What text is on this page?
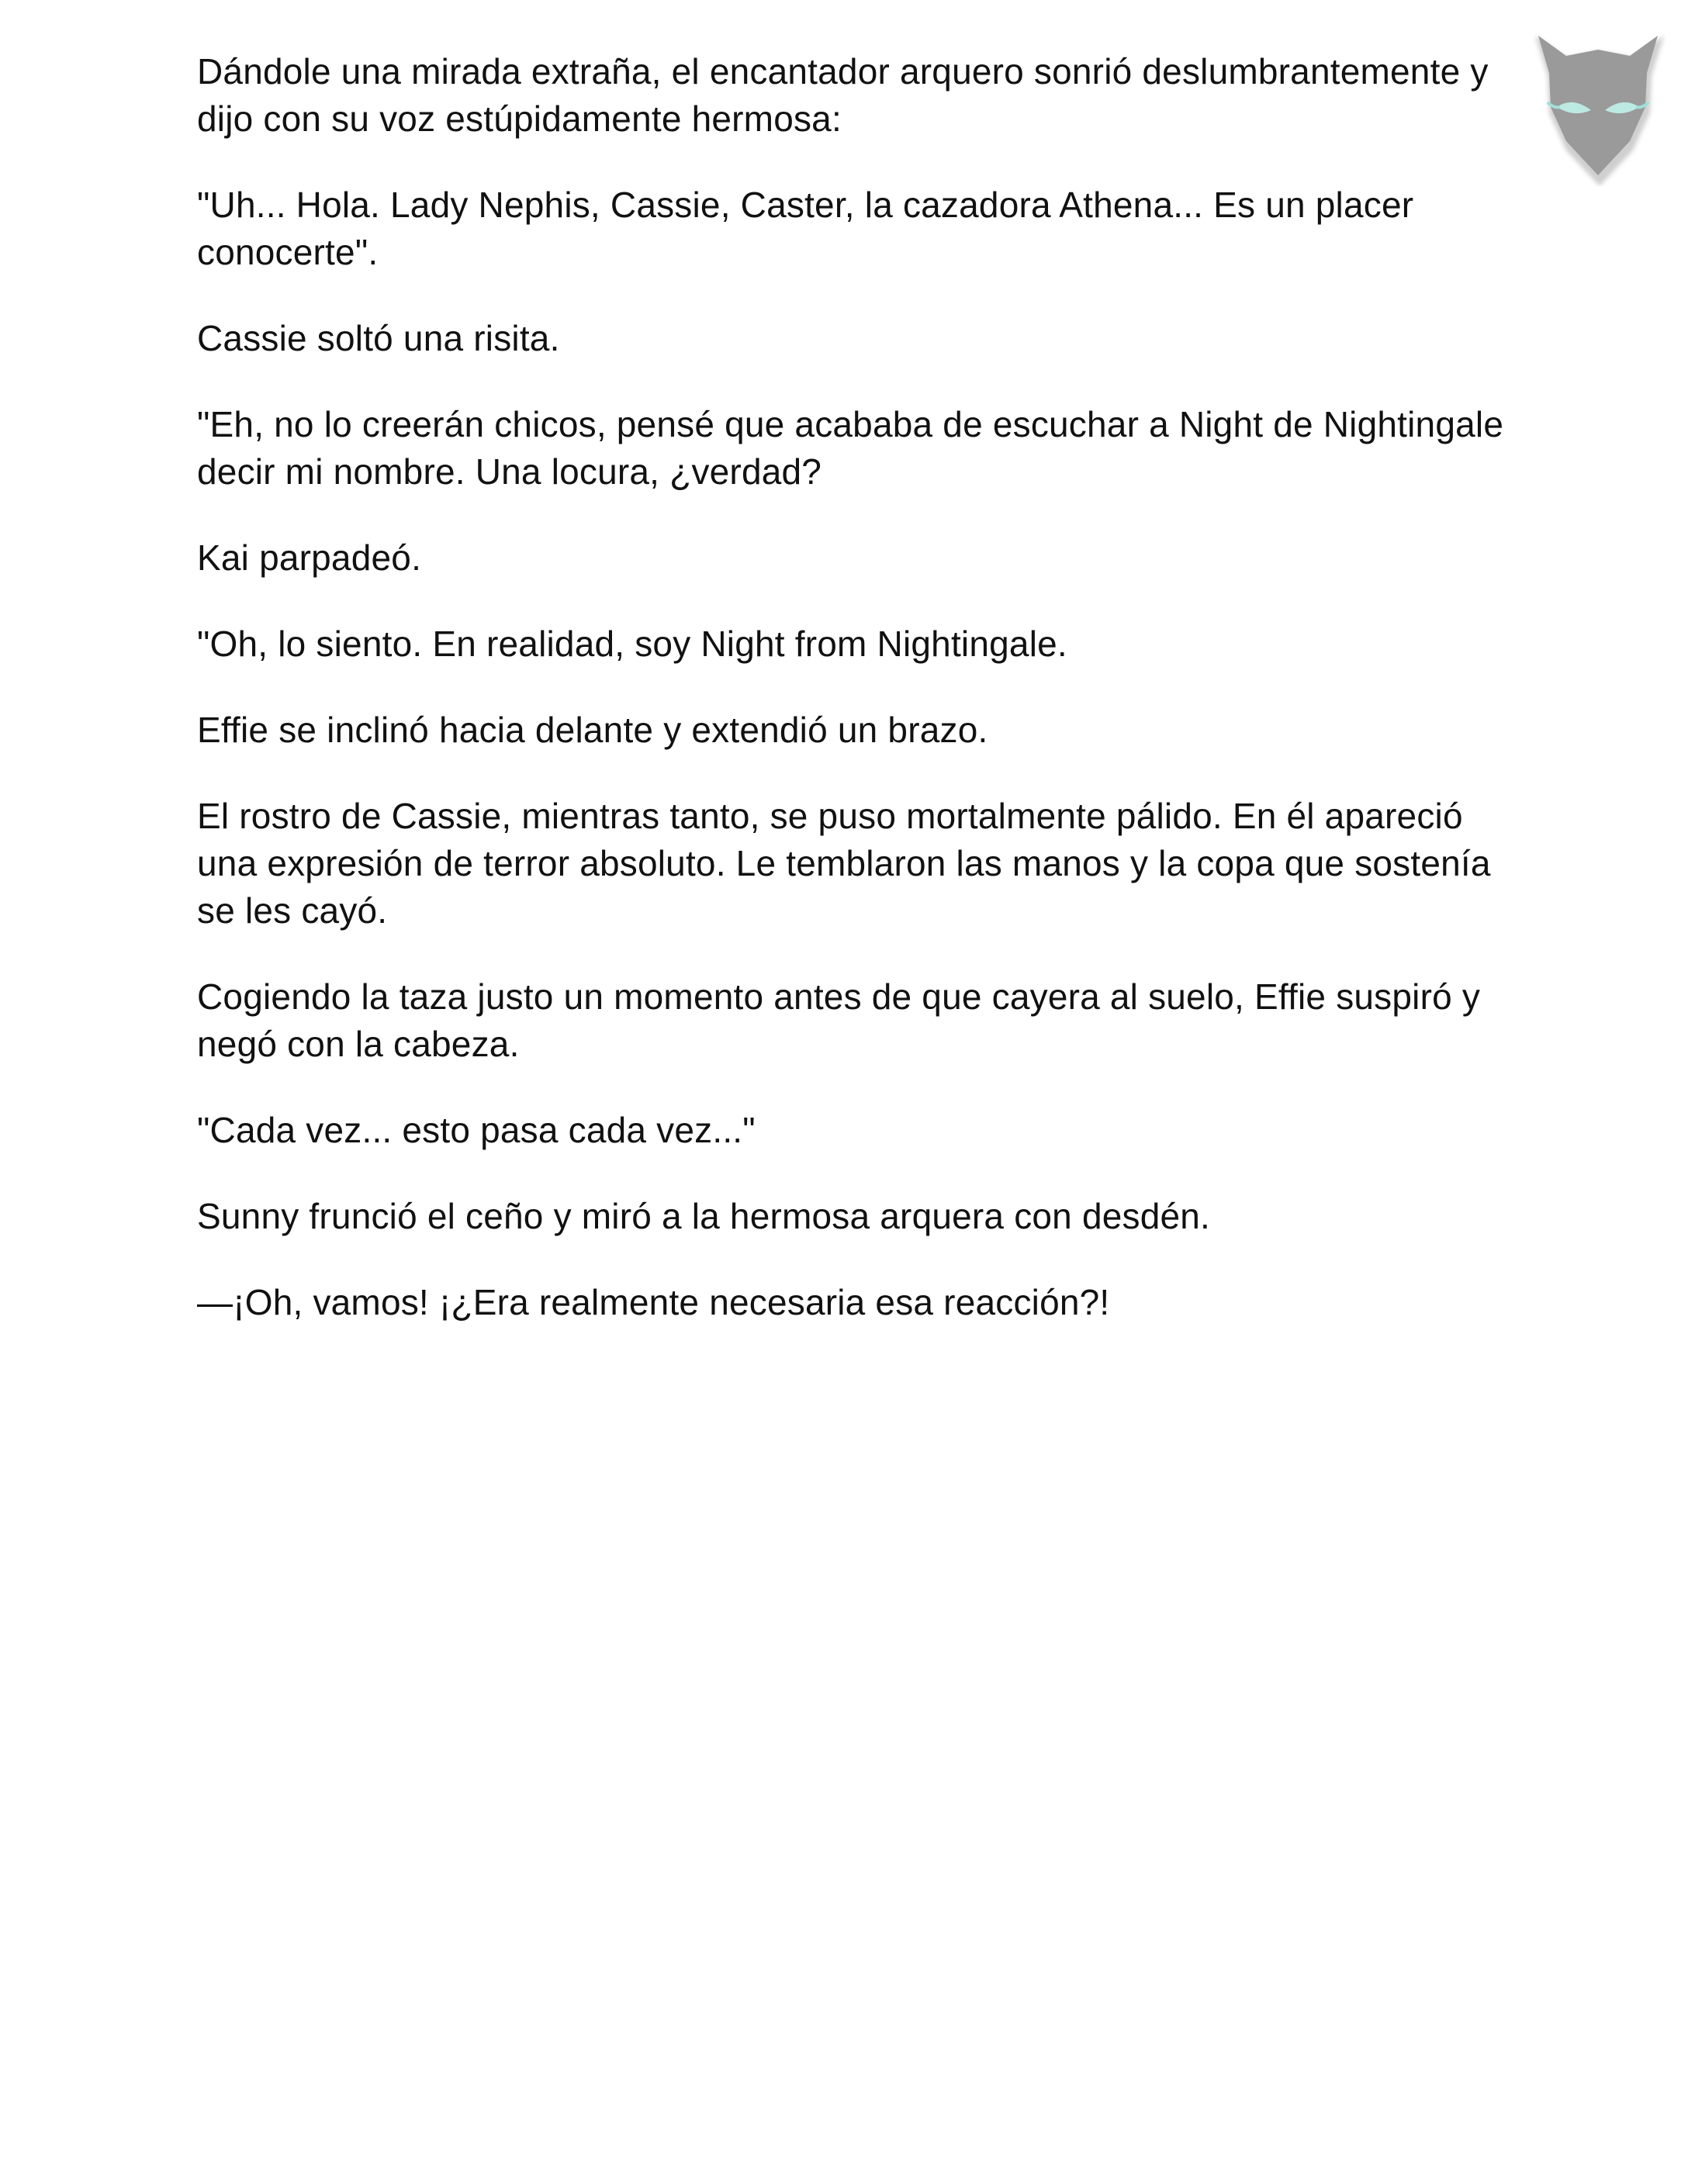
Dándole una mirada extraña, el encantador arquero sonrió deslumbrantemente y dijo con su voz estúpidamente hermosa:

"Uh... Hola. Lady Nephis, Cassie, Caster, la cazadora Athena... Es un placer conocerte".

Cassie soltó una risita.

"Eh, no lo creerán chicos, pensé que acababa de escuchar a Night de Nightingale decir mi nombre. Una locura, ¿verdad?

Kai parpadeó.

"Oh, lo siento. En realidad, soy Night from Nightingale.

Effie se inclinó hacia delante y extendió un brazo.

El rostro de Cassie, mientras tanto, se puso mortalmente pálido. En él apareció una expresión de terror absoluto. Le temblaron las manos y la copa que sostenía se les cayó.

Cogiendo la taza justo un momento antes de que cayera al suelo, Effie suspiró y negó con la cabeza.

"Cada vez... esto pasa cada vez..."

Sunny frunció el ceño y miró a la hermosa arquera con desdén.

—¡Oh, vamos! ¡¿Era realmente necesaria esa reacción?!
